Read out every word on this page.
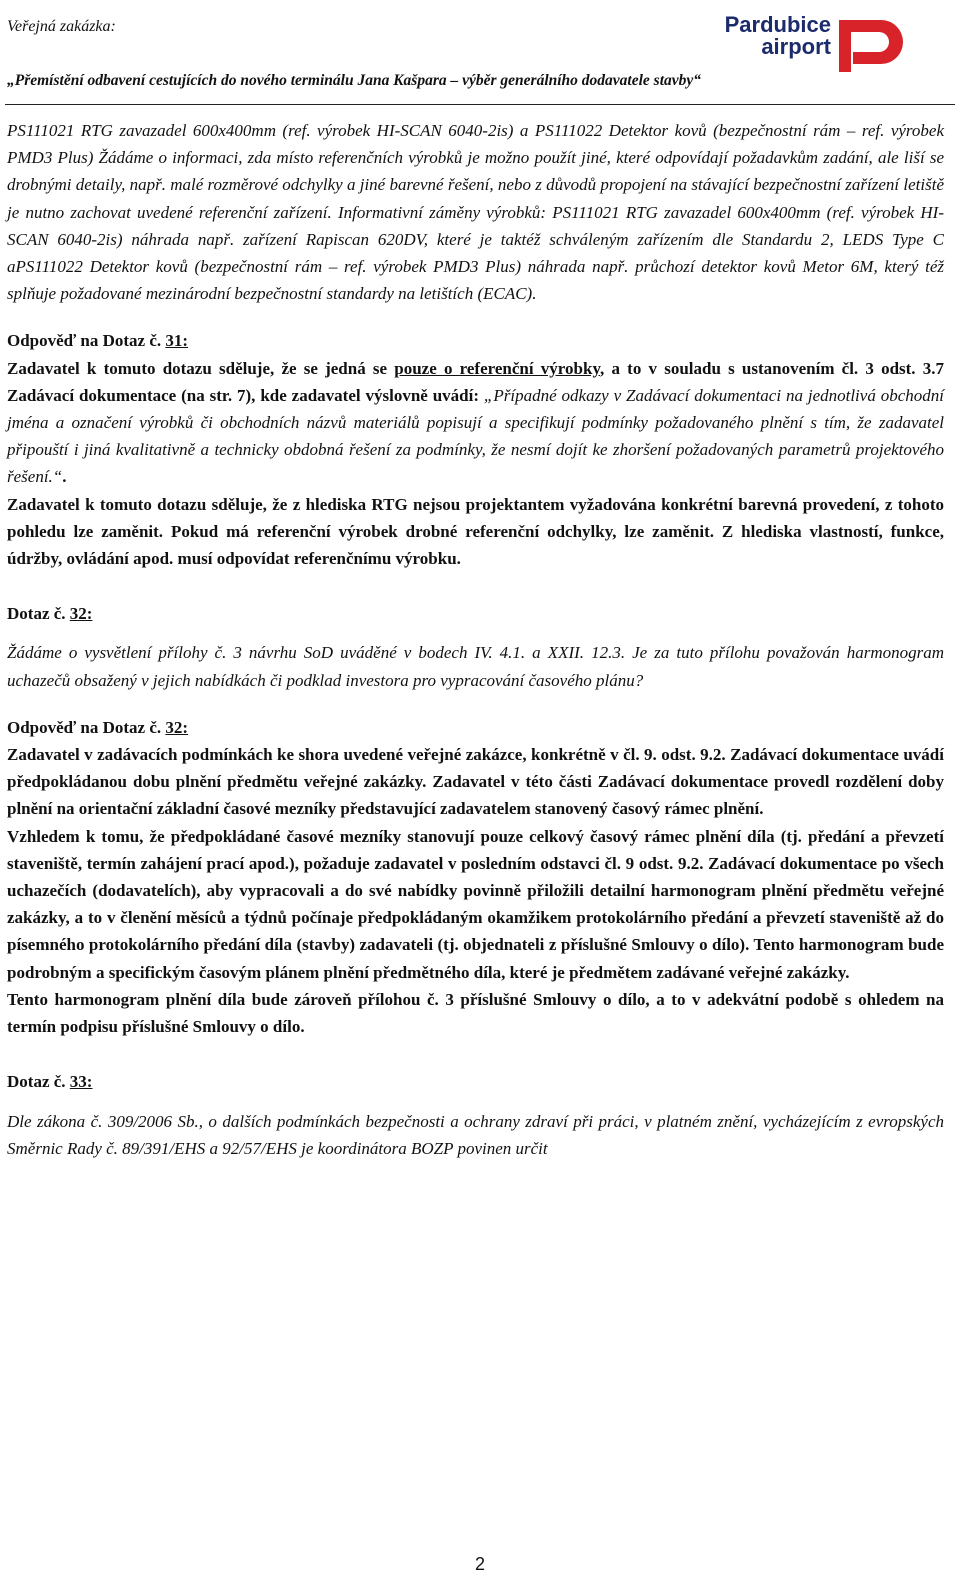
Veřejná zakázka:	Pardubice
airport
„Přemístění odbavení cestujících do nového terminálu Jana Kašpara – výběr generálního dodavatele stavby“

PS111021 RTG zavazadel 600x400mm (ref. výrobek HI-SCAN 6040-2is) a PS111022 Detektor kovů (bezpečnostní rám – ref. výrobek PMD3 Plus) Žádáme o informaci, zda místo referenčních výrobků je možno použít jiné, které odpovídají požadavkům zadání, ale liší se drobnými detaily, např. malé rozměrové odchylky a jiné barevné řešení, nebo z důvodů propojení na stávající bezpečnostní zařízení letiště je nutno zachovat uvedené referenční zařízení. Informativní záměny výrobků: PS111021 RTG zavazadel 600x400mm (ref. výrobek HI-SCAN 6040-2is) náhrada např. zařízení Rapiscan 620DV, které je taktéž schváleným zařízením dle Standardu 2, LEDS Type C aPS111022 Detektor kovů (bezpečnostní rám – ref. výrobek PMD3 Plus) náhrada např. průchozí detektor kovů Metor 6M, který též splňuje požadované mezinárodní bezpečnostní standardy na letištích (ECAC).

Odpověď na Dotaz č. 31:

Zadavatel k tomuto dotazu sděluje, že se jedná se pouze o referenční výrobky, a to v souladu s ustanovením čl. 3 odst. 3.7 Zadávací dokumentace (na str. 7), kde zadavatel výslovně uvádí: „Případné odkazy v Zadávací dokumentaci na jednotlivá obchodní jména a označení výrobků či obchodních názvů materiálů popisují a specifikují podmínky požadovaného plnění s tím, že zadavatel připouští i jiná kvalitativně a technicky obdobná řešení za podmínky, že nesmí dojít ke zhoršení požadovaných parametrů projektového řešení.“.

Zadavatel k tomuto dotazu sděluje, že z hlediska RTG nejsou projektantem vyžadována konkrétní barevná provedení, z tohoto pohledu lze zaměnit. Pokud má referenční výrobek drobné referenční odchylky, lze zaměnit. Z hlediska vlastností, funkce, údržby, ovládání apod. musí odpovídat referenčnímu výrobku.

Dotaz č. 32:

Žádáme o vysvětlení přílohy č. 3 návrhu SoD uváděné v bodech IV. 4.1. a XXII. 12.3. Je za tuto přílohu považován harmonogram uchazečů obsažený v jejich nabídkách či podklad investora pro vypracování časového plánu?

Odpověď na Dotaz č. 32:

Zadavatel v zadávacích podmínkách ke shora uvedené veřejné zakázce, konkrétně v čl. 9. odst. 9.2. Zadávací dokumentace uvádí předpokládanou dobu plnění předmětu veřejné zakázky. Zadavatel v této části Zadávací dokumentace provedl rozdělení doby plnění na orientační základní časové mezníky představující zadavatelem stanovený časový rámec plnění.

Vzhledem k tomu, že předpokládané časové mezníky stanovují pouze celkový časový rámec plnění díla (tj. předání a převzetí staveniště, termín zahájení prací apod.), požaduje zadavatel v posledním odstavci čl. 9 odst. 9.2. Zadávací dokumentace po všech uchazečích (dodavatelích), aby vypracovali a do své nabídky povinně přiložili detailní harmonogram plnění předmětu veřejné zakázky, a to v členění měsíců a týdnů počínaje předpokládaným okamžikem protokolárního předání a převzetí staveniště až do písemného protokolárního předání díla (stavby) zadavateli (tj. objednateli z příslušné Smlouvy o dílo). Tento harmonogram bude podrobným a specifickým časovým plánem plnění předmětného díla, které je předmětem zadávané veřejné zakázky.

Tento harmonogram plnění díla bude zároveň přílohou č. 3 příslušné Smlouvy o dílo, a to v adekvátní podobě s ohledem na termín podpisu příslušné Smlouvy o dílo.

Dotaz č. 33:

Dle zákona č. 309/2006 Sb., o dalších podmínkách bezpečnosti a ochrany zdraví při práci, v platném znění, vycházejícím z evropských Směrnic Rady č. 89/391/EHS a 92/57/EHS je koordinátora BOZP povinen určit

2
